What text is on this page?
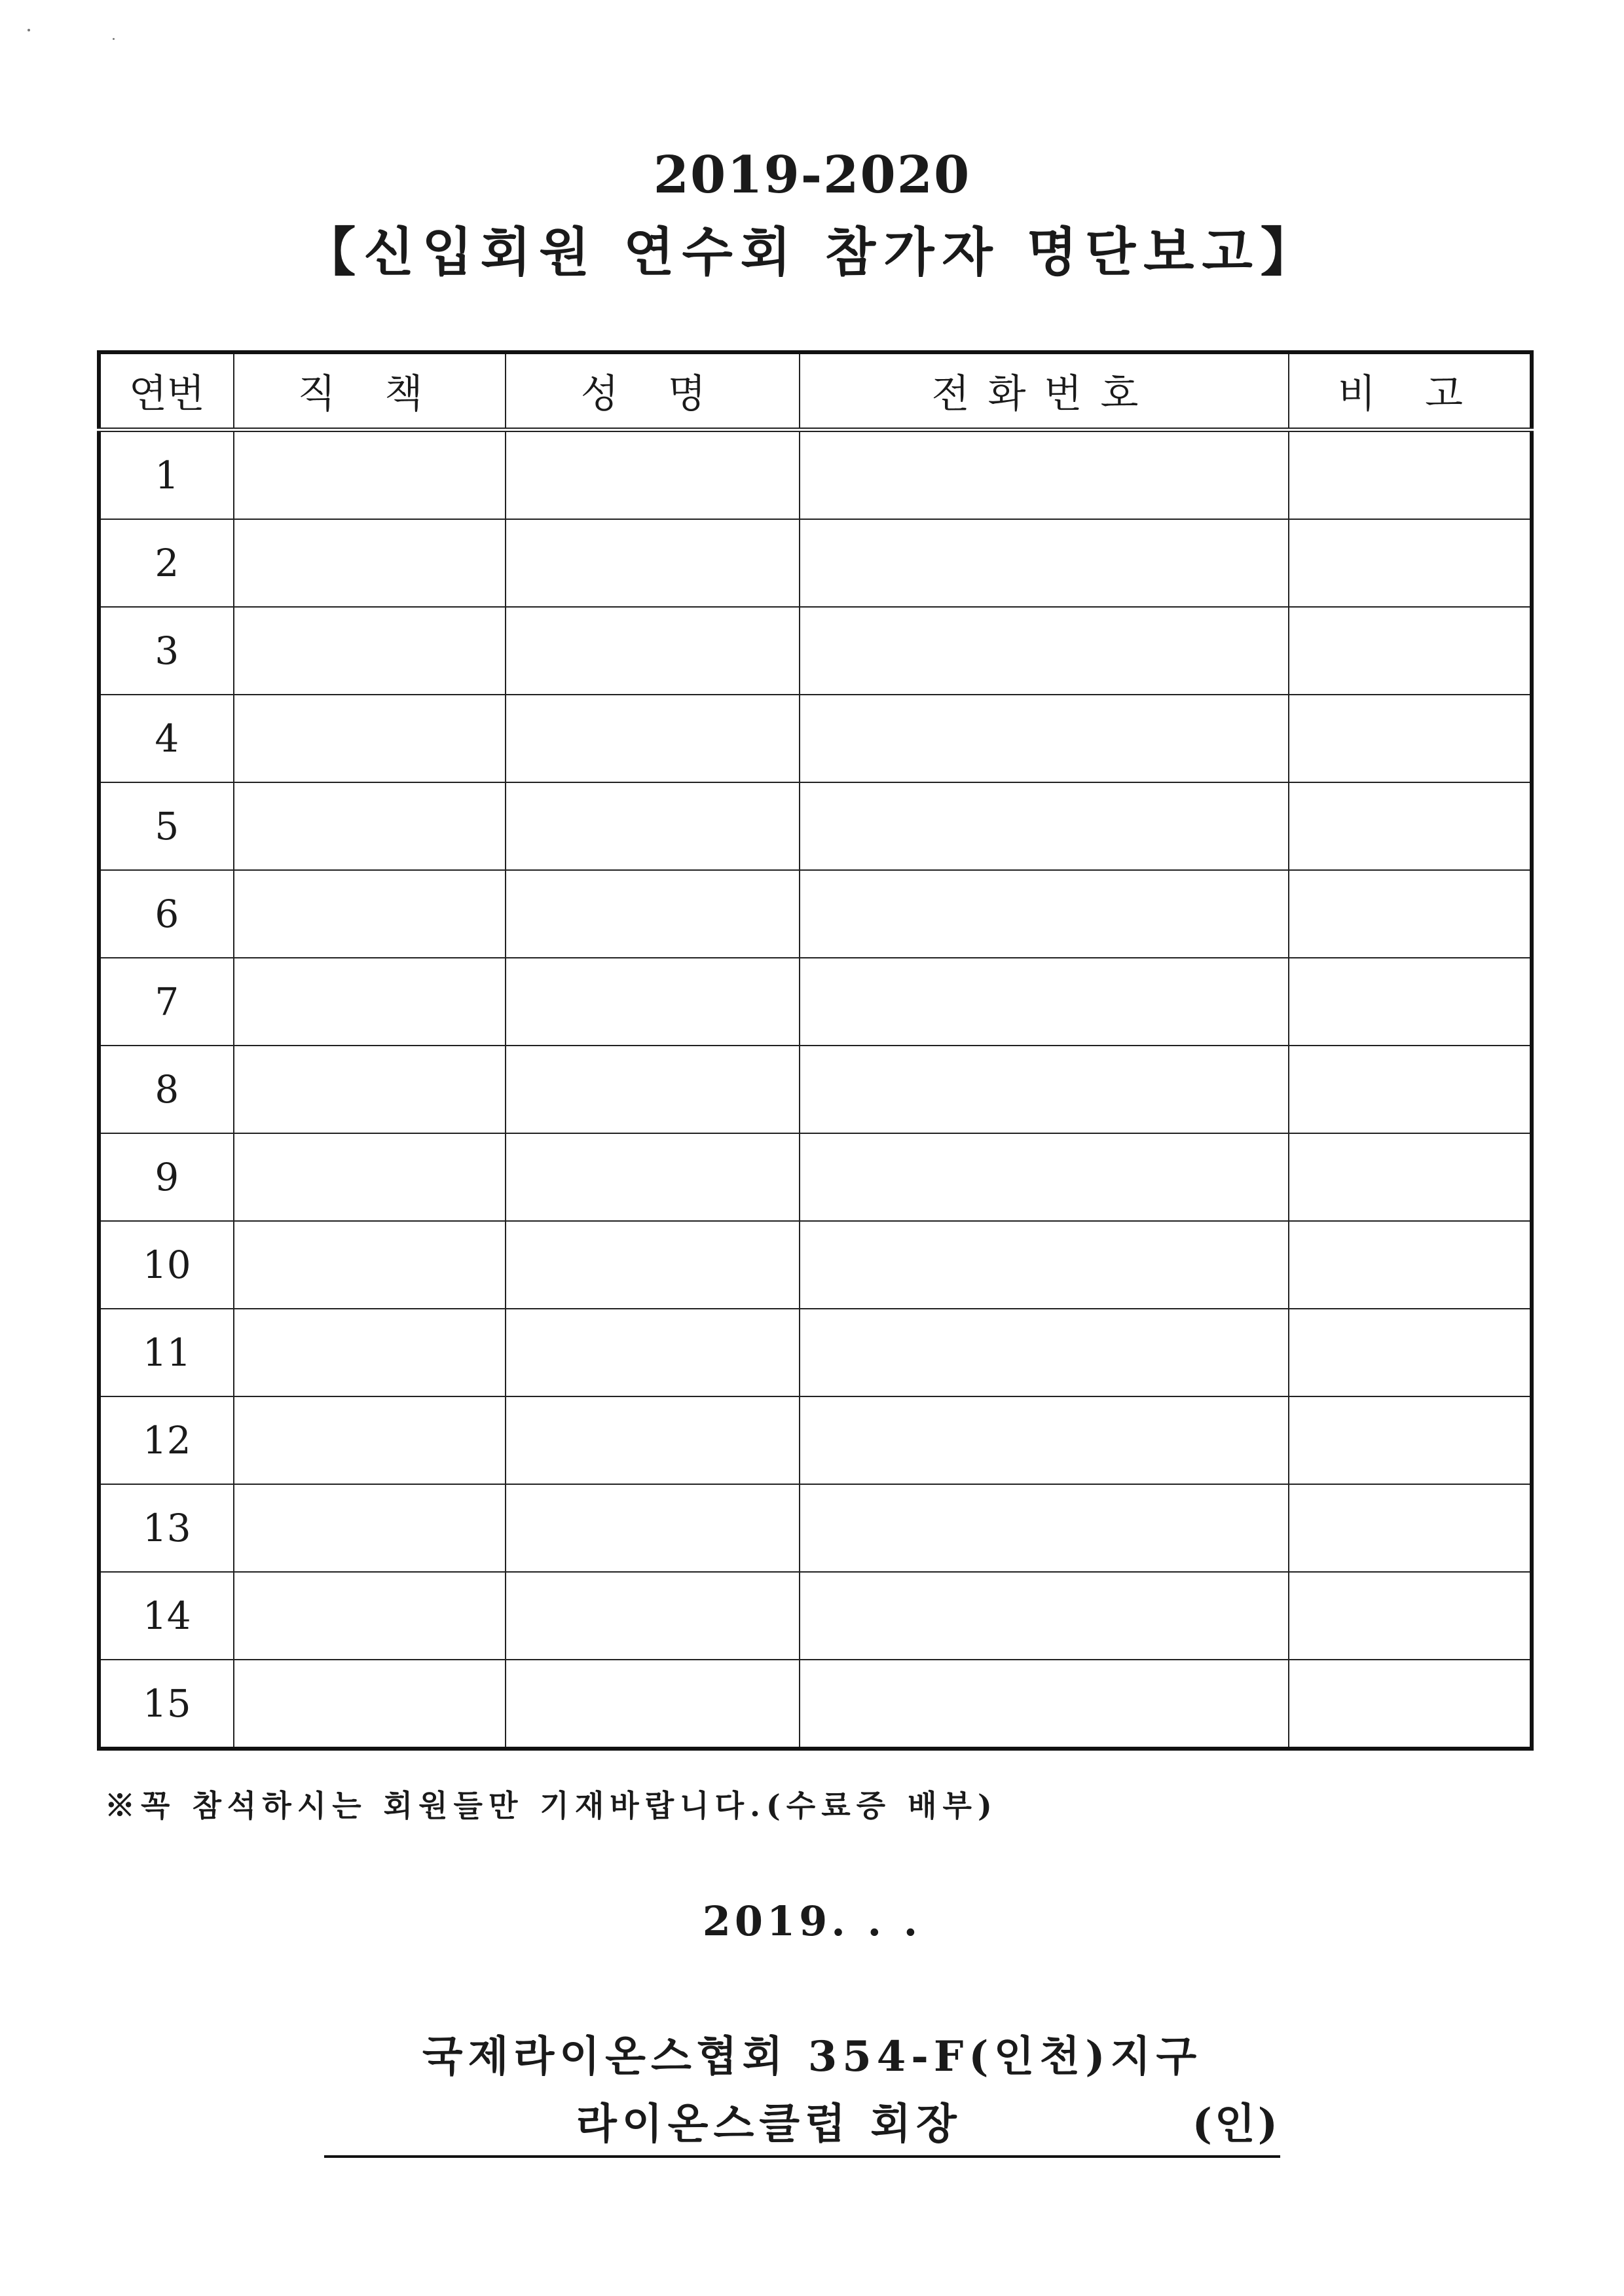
2019-2020
【신입회원 연수회 참가자 명단보고】
연번	직 책	성 명	전화번호	비 고
1				
2				
3				
4				
5				
6				
7				
8				
9				
10				
11				
12				
13				
14				
15				
※꼭 참석하시는 회원들만 기재바랍니다.(수료증 배부)
2019. . .
국제라이온스협회 354-F(인천)지구
라이온스클럽 회장	(인)
